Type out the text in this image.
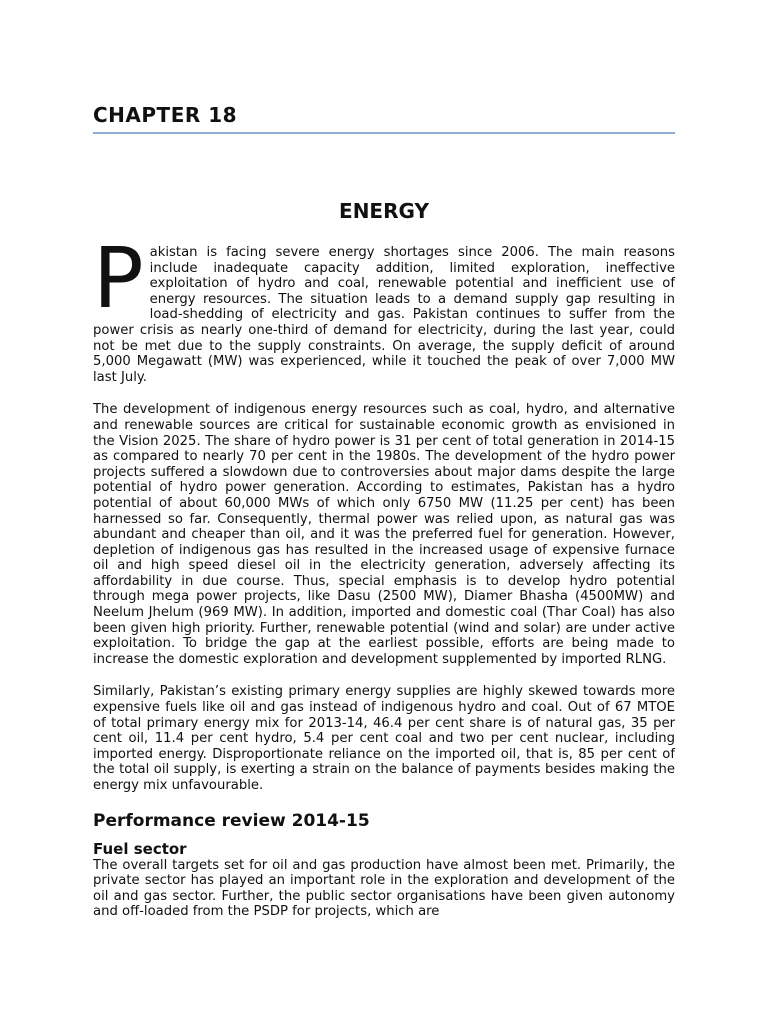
CHAPTER 18
ENERGY

Pakistan is facing severe energy shortages since 2006. The main reasons include inadequate capacity addition, limited exploration, ineffective exploitation of hydro and coal, renewable potential and inefficient use of energy resources. The situation leads to a demand supply gap resulting in load-shedding of electricity and gas. Pakistan continues to suffer from the power crisis as nearly one-third of demand for electricity, during the last year, could not be met due to the supply constraints. On average, the supply deficit of around 5,000 Megawatt (MW) was experienced, while it touched the peak of over 7,000 MW last July.

The development of indigenous energy resources such as coal, hydro, and alternative and renewable sources are critical for sustainable economic growth as envisioned in the Vision 2025. The share of hydro power is 31 per cent of total generation in 2014-15 as compared to nearly 70 per cent in the 1980s. The development of the hydro power projects suffered a slowdown due to controversies about major dams despite the large potential of hydro power generation. According to estimates, Pakistan has a hydro potential of about 60,000 MWs of which only 6750 MW (11.25 per cent) has been harnessed so far. Consequently, thermal power was relied upon, as natural gas was abundant and cheaper than oil, and it was the preferred fuel for generation. However, depletion of indigenous gas has resulted in the increased usage of expensive furnace oil and high speed diesel oil in the electricity generation, adversely affecting its affordability in due course. Thus, special emphasis is to develop hydro potential through mega power projects, like Dasu (2500 MW), Diamer Bhasha (4500MW) and Neelum Jhelum (969 MW). In addition, imported and domestic coal (Thar Coal) has also been given high priority. Further, renewable potential (wind and solar) are under active exploitation. To bridge the gap at the earliest possible, efforts are being made to increase the domestic exploration and development supplemented by imported RLNG.

Similarly, Pakistan’s existing primary energy supplies are highly skewed towards more expensive fuels like oil and gas instead of indigenous hydro and coal. Out of 67 MTOE of total primary energy mix for 2013-14, 46.4 per cent share is of natural gas, 35 per cent oil, 11.4 per cent hydro, 5.4 per cent coal and two per cent nuclear, including imported energy. Disproportionate reliance on the imported oil, that is, 85 per cent of the total oil supply, is exerting a strain on the balance of payments besides making the energy mix unfavourable.

Performance review 2014-15
Fuel sector

The overall targets set for oil and gas production have almost been met. Primarily, the private sector has played an important role in the exploration and development of the oil and gas sector. Further, the public sector organisations have been given autonomy and off-loaded from the PSDP for projects, which are
